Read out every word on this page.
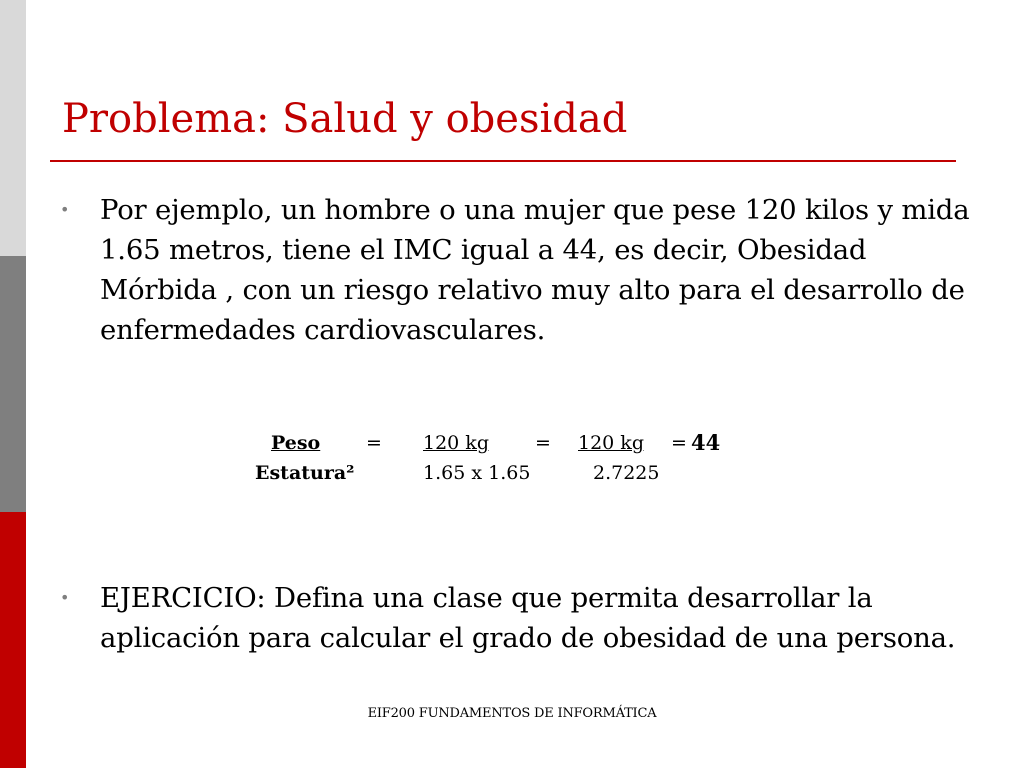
Problema: Salud y obesidad
• Por ejemplo, un hombre o una mujer que pese 120 kilos y mida 1.65 metros, tiene el IMC igual a 44, es decir, Obesidad Mórbida , con un riesgo relativo muy alto para el desarrollo de enfermedades cardiovasculares.

Peso
Estatura²
= 120 kg
1.65 x 1.65
= 120 kg
2.7225
= 44
• EJERCICIO: Defina una clase que permita desarrollar la aplicación para calcular el grado de obesidad de una persona.

EIF200 FUNDAMENTOS DE INFORMÁTICA
